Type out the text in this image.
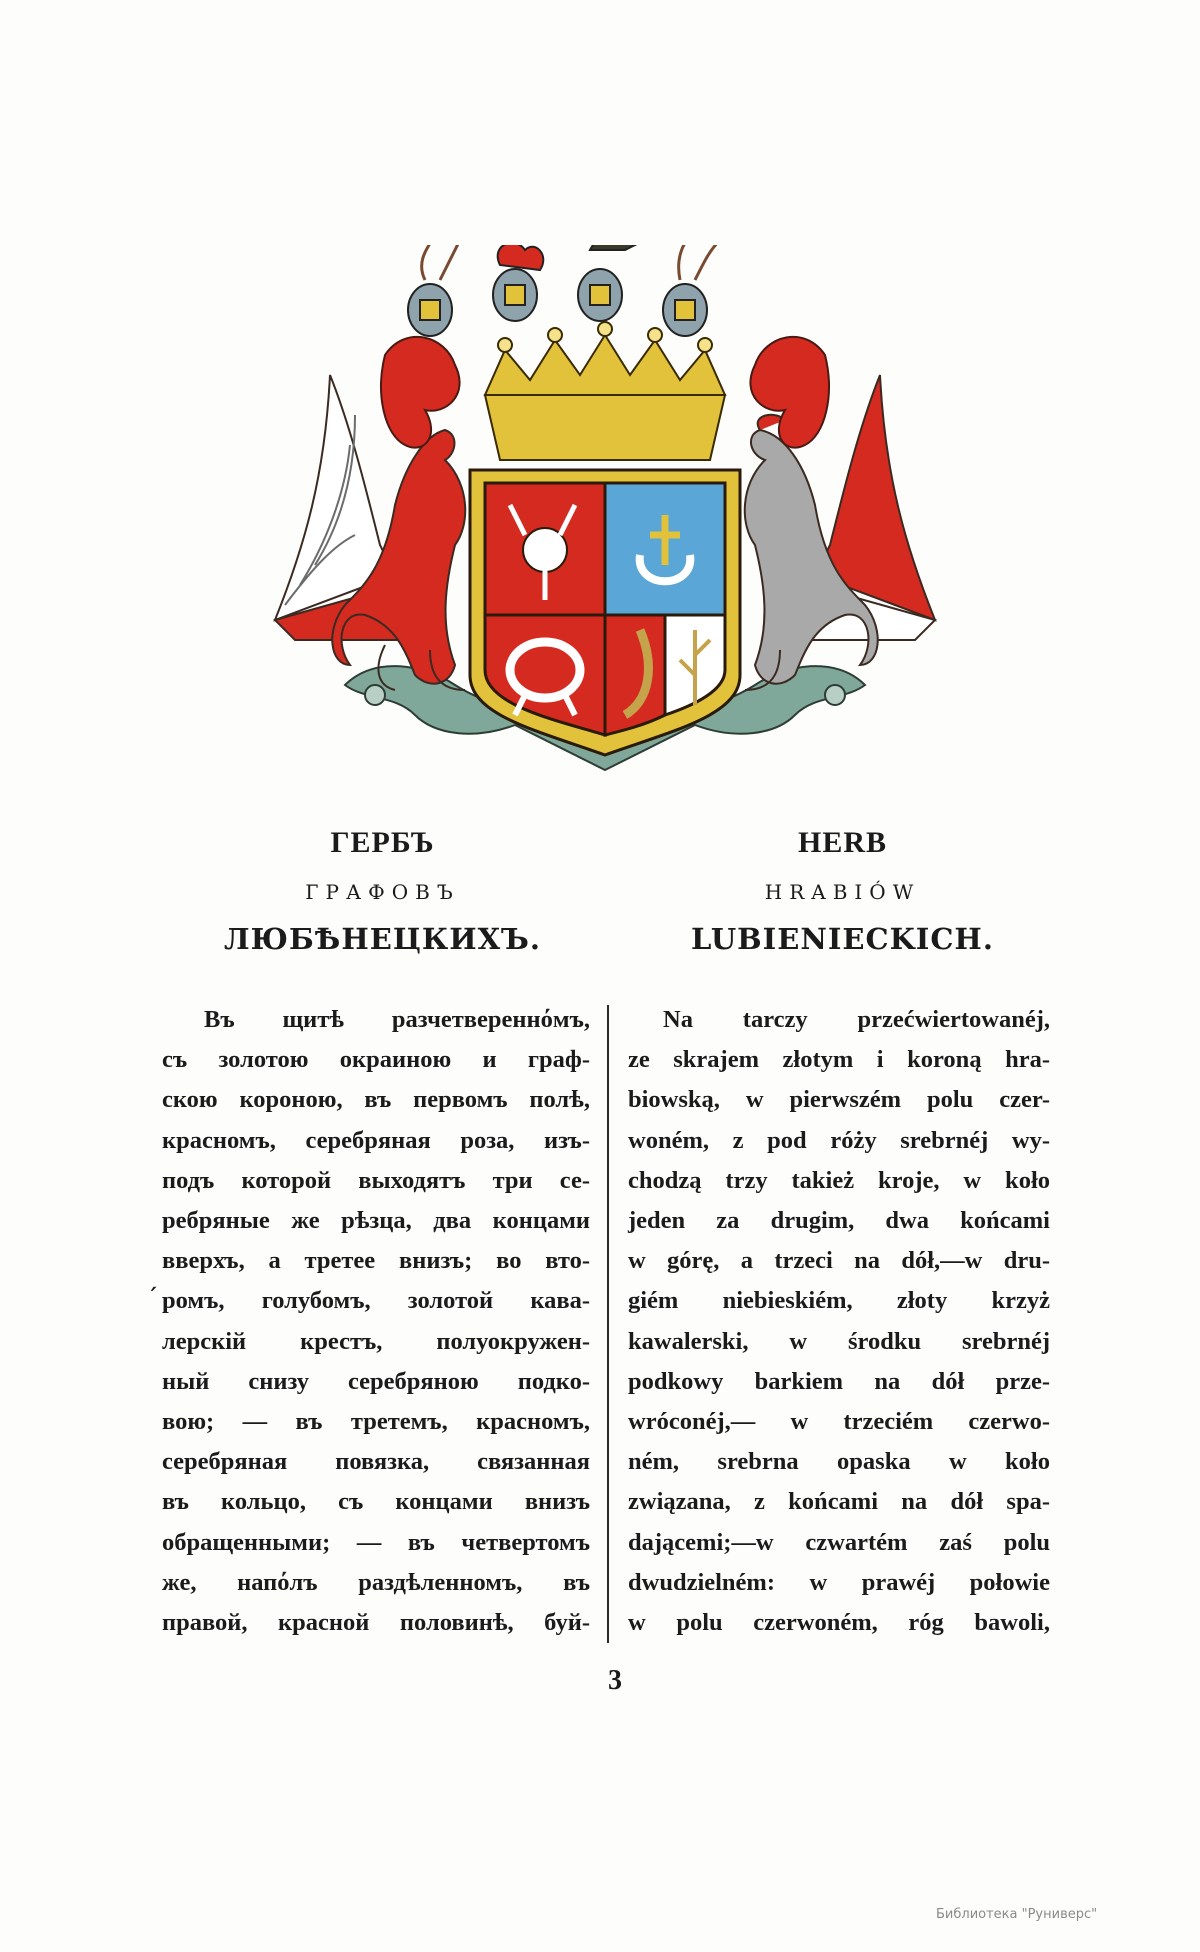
ГЕРБЪ
ГРАФОВЪ
ЛЮБѢНЕЦКИХЪ.
HERB
HRABIÓW
LUBIENIECKICH.
Въ щитѣ разчетвереннόмъ,
съ золотою окраиною и граф-
скою короною, въ первомъ полѣ,
красномъ, серебряная роза, изъ-
подъ которой выходятъ три се-
ребряные же рѣзца, два концами
вверхъ, а третее внизъ; во вто-
ромъ, голубомъ, золотой кава-
лерскій крестъ, полуокружен-
ный снизу серебряною подко-
вою; — въ третемъ, красномъ,
серебряная повязка, связанная
въ кольцо, съ концами внизъ
обращенными; — въ четвертомъ
же, напόлъ раздѣленномъ, въ
правой, красной половинѣ, буй-
´
Na tarczy przećwiertowanéj,
ze skrajem złotym i koroną hra-
biowską, w pierwszém polu czer-
woném, z pod róży srebrnéj wy-
chodzą trzy takież kroje, w koło
jeden za drugim, dwa końcami
w górę, a trzeci na dół,—w dru-
giém niebieskiém, złoty krzyż
kawalerski, w środku srebrnéj
podkowy barkiem na dół prze-
wróconéj,— w trzeciém czerwo-
ném, srebrna opaska w koło
związana, z końcami na dół spa-
dającemi;—w czwartém zaś polu
dwudzielném: w prawéj połowie
w polu czerwoném, róg bawoli,
3
Библиотека "Руниверс"
